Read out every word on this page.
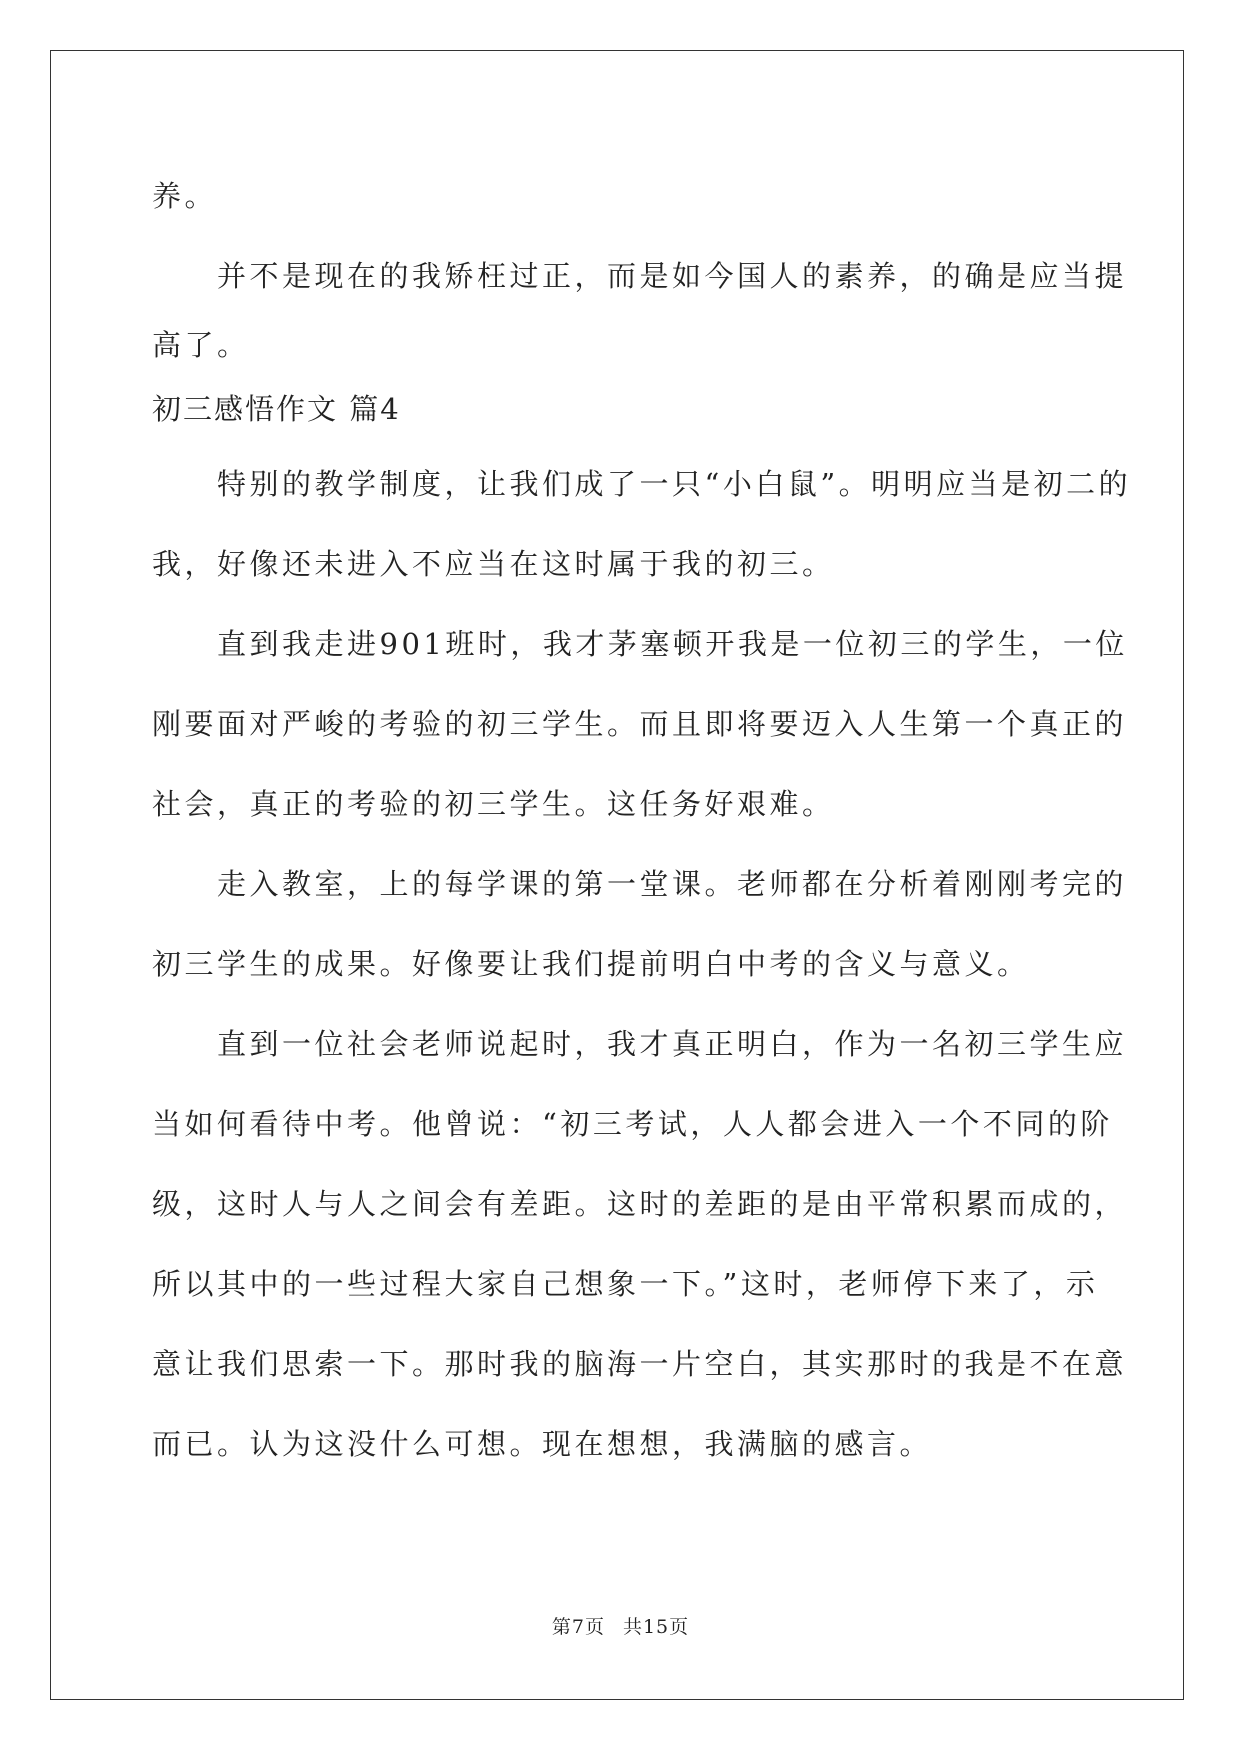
养。
　　并不是现在的我矫枉过正，而是如今国人的素养，的确是应当提
高了。
初三感悟作文 篇4
　　特别的教学制度，让我们成了一只“小白鼠”。明明应当是初二的
我，好像还未进入不应当在这时属于我的初三。
　　直到我走进901班时，我才茅塞顿开我是一位初三的学生，一位
刚要面对严峻的考验的初三学生。而且即将要迈入人生第一个真正的
社会，真正的考验的初三学生。这任务好艰难。
　　走入教室，上的每学课的第一堂课。老师都在分析着刚刚考完的
初三学生的成果。好像要让我们提前明白中考的含义与意义。
　　直到一位社会老师说起时，我才真正明白，作为一名初三学生应
当如何看待中考。他曾说：“初三考试，人人都会进入一个不同的阶
级，这时人与人之间会有差距。这时的差距的是由平常积累而成的，
所以其中的一些过程大家自己想象一下。”这时，老师停下来了，示
意让我们思索一下。那时我的脑海一片空白，其实那时的我是不在意
而已。认为这没什么可想。现在想想，我满脑的感言。
第7页 共15页
